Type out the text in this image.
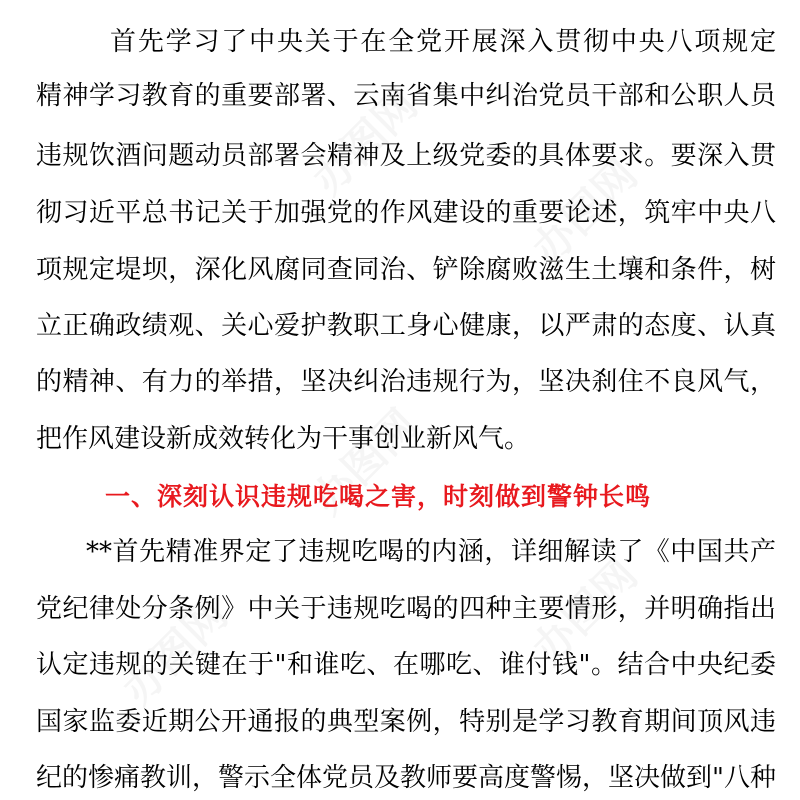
办图网
办图网
办图网
办图网
办图网
首先学习了中央关于在全党开展深入贯彻中央八项规定
精神学习教育的重要部署、云南省集中纠治党员干部和公职人员
违规饮酒问题动员部署会精神及上级党委的具体要求。要深入贯
彻习近平总书记关于加强党的作风建设的重要论述，筑牢中央八
项规定堤坝，深化风腐同查同治、铲除腐败滋生土壤和条件，树
立正确政绩观、关心爱护教职工身心健康，以严肃的态度、认真
的精神、有力的举措，坚决纠治违规行为，坚决刹住不良风气，
把作风建设新成效转化为干事创业新风气。
一、深刻认识违规吃喝之害，时刻做到警钟长鸣
**首先精准界定了违规吃喝的内涵，详细解读了《中国共产
党纪律处分条例》中关于违规吃喝的四种主要情形，并明确指出
认定违规的关键在于"和谁吃、在哪吃、谁付钱"。结合中央纪委
国家监委近期公开通报的典型案例，特别是学习教育期间顶风违
纪的惨痛教训，警示全体党员及教师要高度警惕，坚决做到"八种
